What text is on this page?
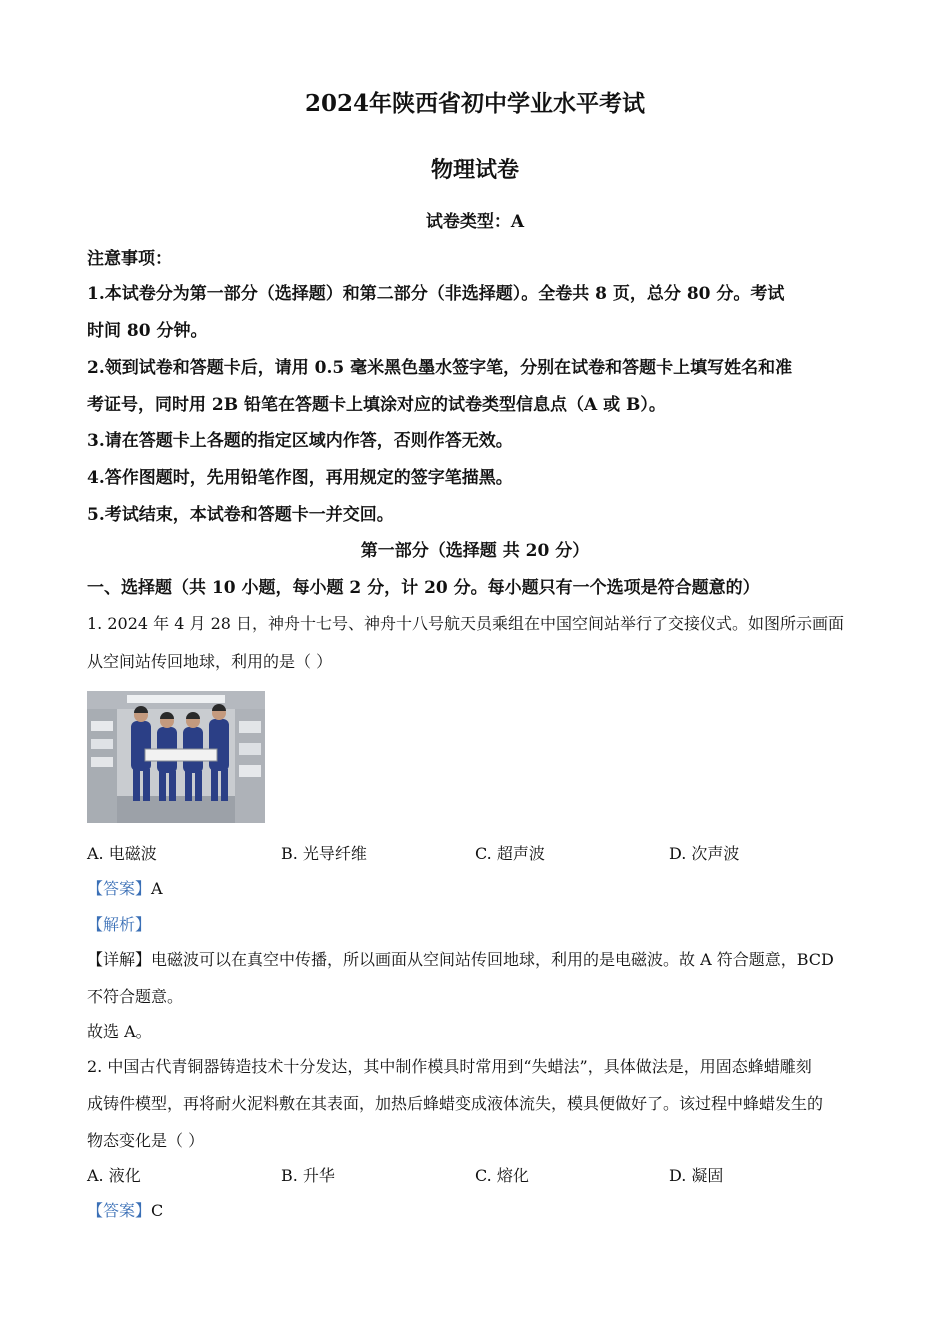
2024年陕西省初中学业水平考试
物理试卷
试卷类型：A
注意事项：
1.本试卷分为第一部分（选择题）和第二部分（非选择题）。全卷共 8 页，总分 80 分。考试
时间 80 分钟。
2.领到试卷和答题卡后，请用 0.5 毫米黑色墨水签字笔，分别在试卷和答题卡上填写姓名和准
考证号，同时用 2B 铅笔在答题卡上填涂对应的试卷类型信息点（A 或 B）。
3.请在答题卡上各题的指定区域内作答，否则作答无效。
4.答作图题时，先用铅笔作图，再用规定的签字笔描黑。
5.考试结束，本试卷和答题卡一并交回。
第一部分（选择题 共 20 分）
一、选择题（共 10 小题，每小题 2 分，计 20 分。每小题只有一个选项是符合题意的）
1. 2024 年 4 月 28 日，神舟十七号、神舟十八号航天员乘组在中国空间站举行了交接仪式。如图所示画面
从空间站传回地球，利用的是（ ）
A. 电磁波	B. 光导纤维	C. 超声波	D. 次声波
【答案】A
【解析】
【详解】电磁波可以在真空中传播，所以画面从空间站传回地球，利用的是电磁波。故 A 符合题意，BCD
不符合题意。
故选 A。
2. 中国古代青铜器铸造技术十分发达，其中制作模具时常用到“失蜡法”，具体做法是，用固态蜂蜡雕刻
成铸件模型，再将耐火泥料敷在其表面，加热后蜂蜡变成液体流失，模具便做好了。该过程中蜂蜡发生的
物态变化是（ ）
A. 液化	B. 升华	C. 熔化	D. 凝固
【答案】C
